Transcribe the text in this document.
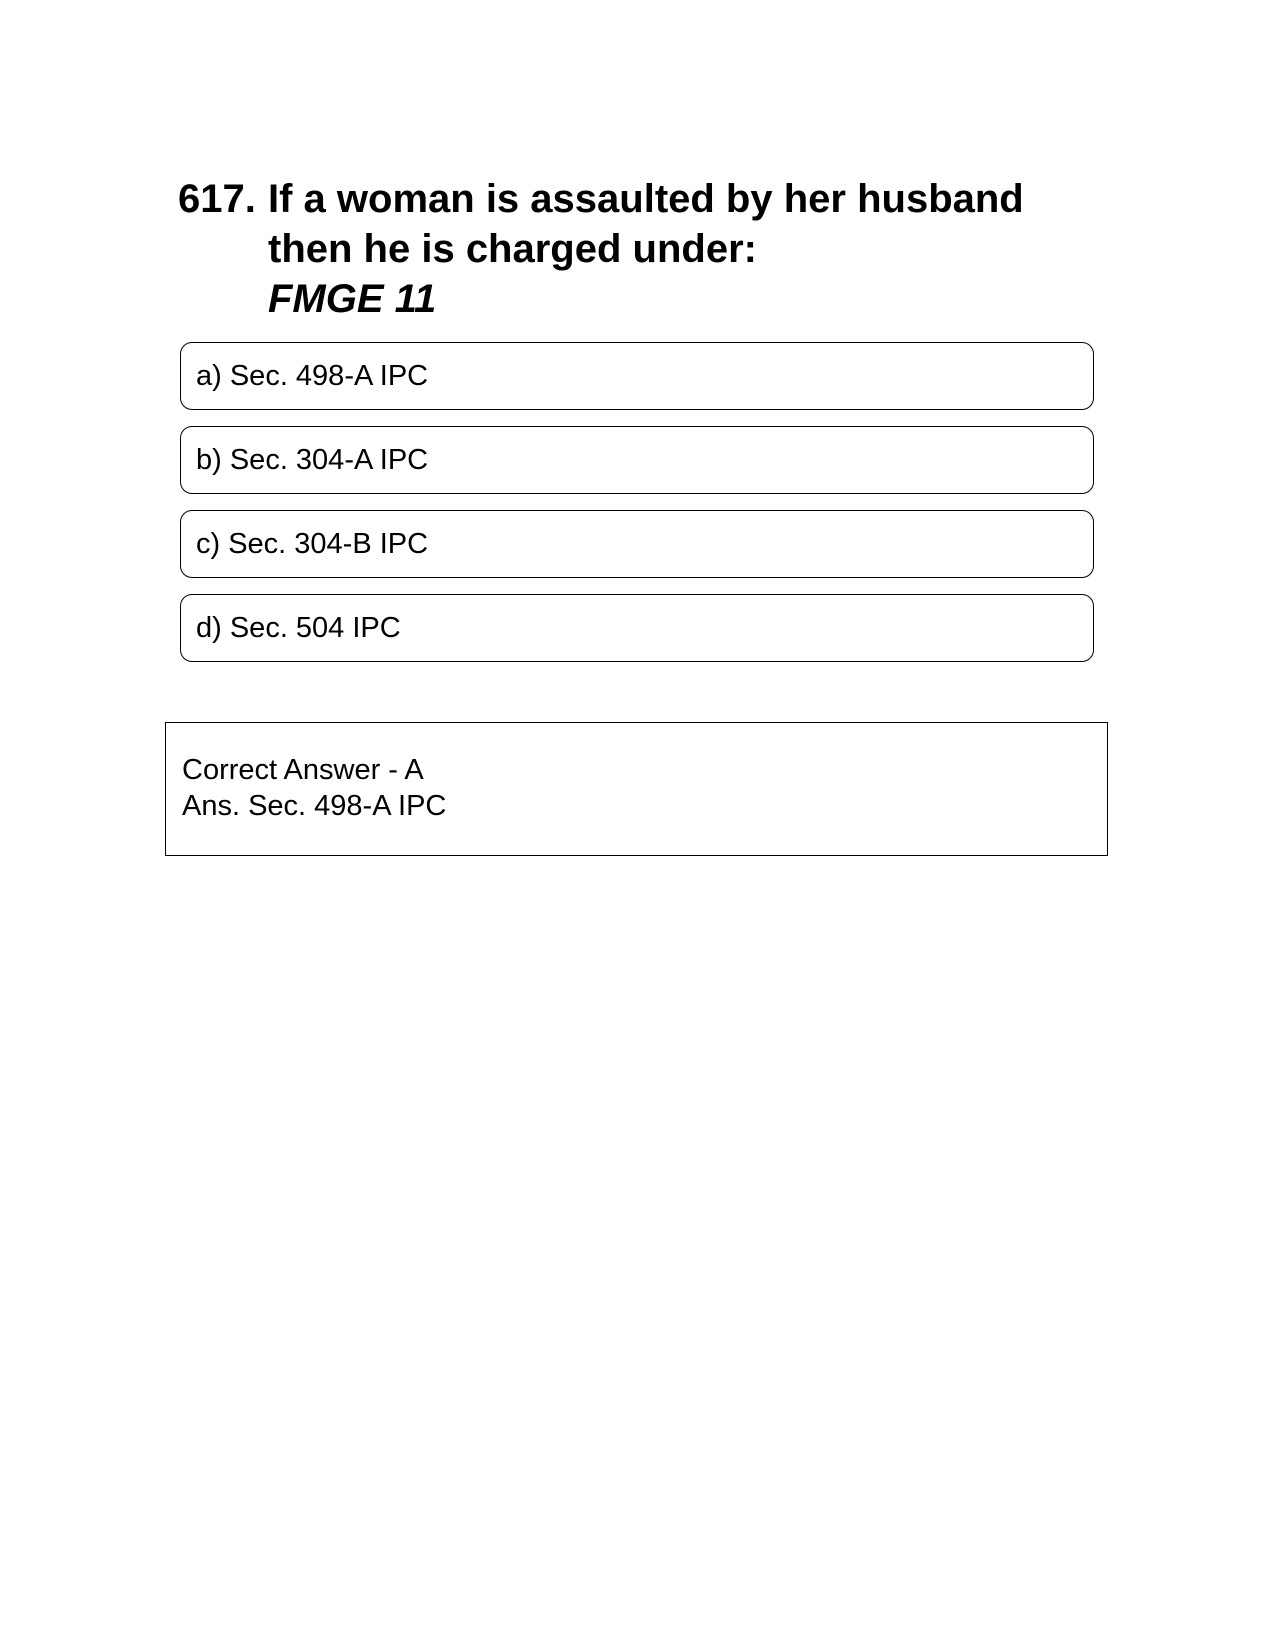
617. If a woman is assaulted by her husband
then he is charged under:
FMGE 11
a) Sec. 498-A IPC
b) Sec. 304-A IPC
c) Sec. 304-B IPC
d) Sec. 504 IPC
Correct Answer - A
Ans. Sec. 498-A IPC
